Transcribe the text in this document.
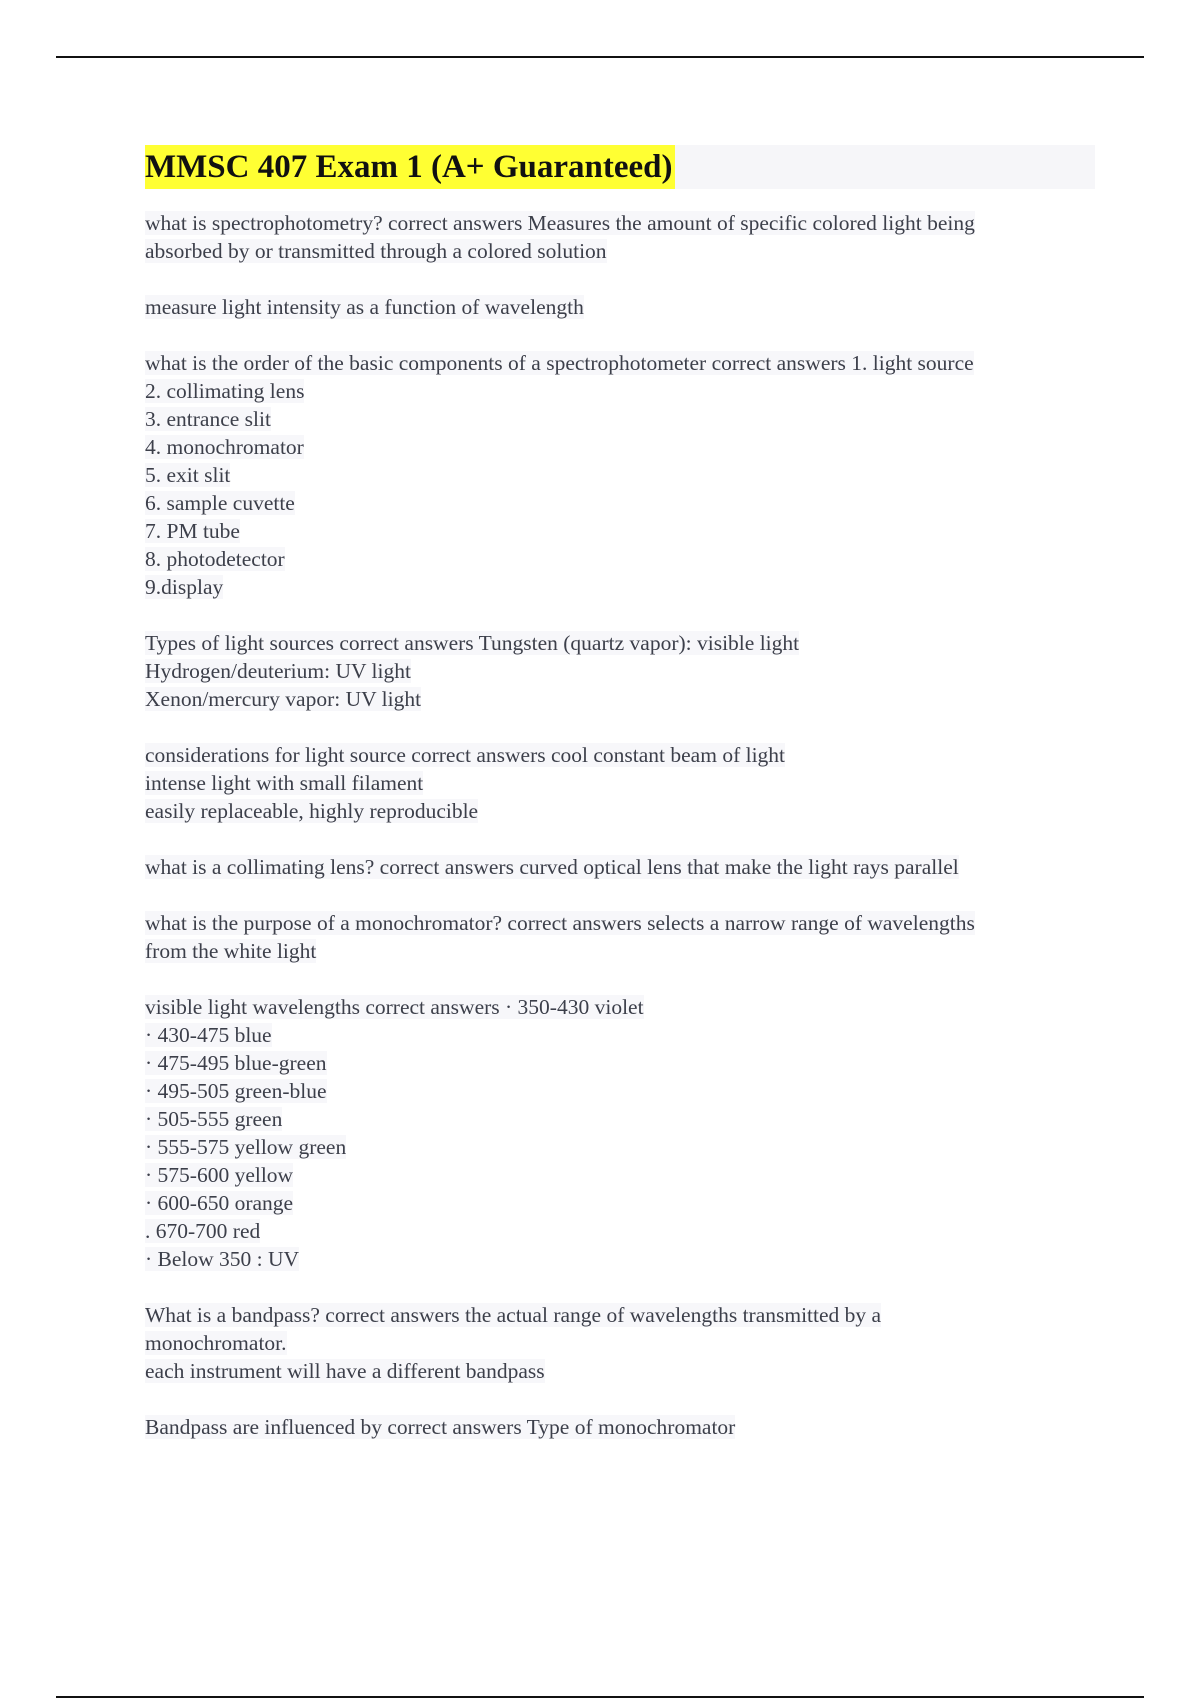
MMSC 407 Exam 1 (A+ Guaranteed)
what is spectrophotometry? correct answers Measures the amount of specific colored light being
absorbed by or transmitted through a colored solution
measure light intensity as a function of wavelength
what is the order of the basic components of a spectrophotometer correct answers 1. light source
2. collimating lens
3. entrance slit
4. monochromator
5. exit slit
6. sample cuvette
7. PM tube
8. photodetector
9.display
Types of light sources correct answers Tungsten (quartz vapor): visible light
Hydrogen/deuterium: UV light
Xenon/mercury vapor: UV light
considerations for light source correct answers cool constant beam of light
intense light with small filament
easily replaceable, highly reproducible
what is a collimating lens? correct answers curved optical lens that make the light rays parallel
what is the purpose of a monochromator? correct answers selects a narrow range of wavelengths
from the white light
visible light wavelengths correct answers · 350-430 violet
· 430-475 blue
· 475-495 blue-green
· 495-505 green-blue
· 505-555 green
· 555-575 yellow green
· 575-600 yellow
· 600-650 orange
. 670-700 red
· Below 350 : UV
What is a bandpass? correct answers the actual range of wavelengths transmitted by a
monochromator.
each instrument will have a different bandpass
Bandpass are influenced by correct answers Type of monochromator
